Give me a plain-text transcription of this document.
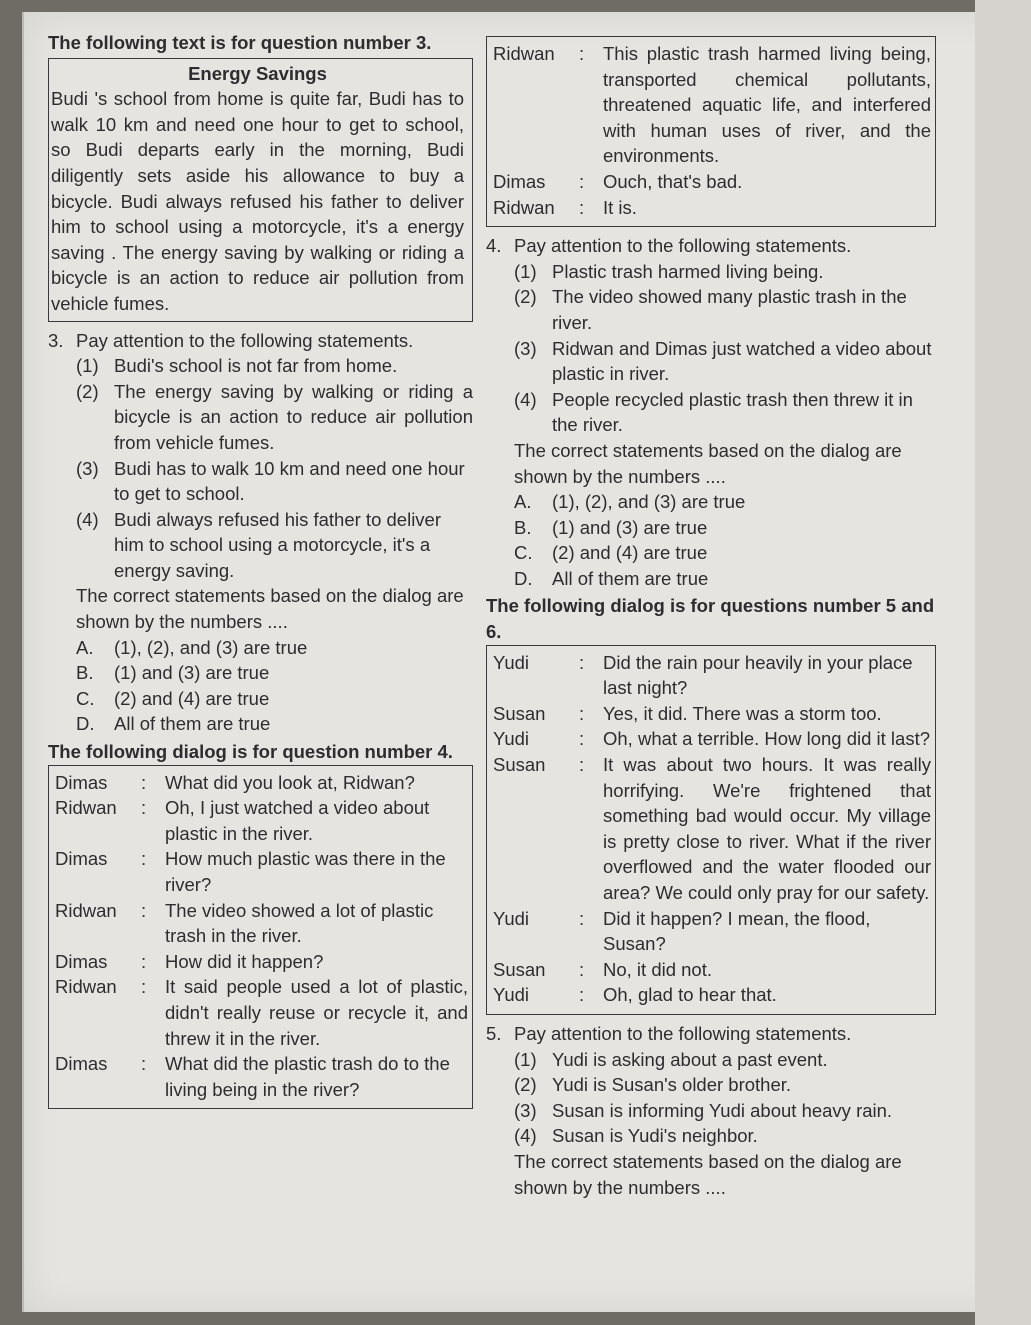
The following text is for question number 3.
Energy Savings
Budi 's school from home is quite far, Budi has to walk 10 km and need one hour to get to school, so Budi departs early in the morning, Budi diligently sets aside his allowance to buy a bicycle. Budi always refused his father to deliver him to school using a motorcycle, it's a energy saving . The energy saving by walking or riding a bicycle is an action to reduce air pollution from vehicle fumes.
3. Pay attention to the following statements.
(1) Budi's school is not far from home.
(2) The energy saving by walking or riding a bicycle is an action to reduce air pollution from vehicle fumes.
(3) Budi has to walk 10 km and need one hour to get to school.
(4) Budi always refused his father to deliver him to school using a motorcycle, it's a energy saving.
The correct statements based on the dialog are shown by the numbers ....
A.	(1), (2), and (3) are true
B.	(1) and (3) are true
C.	(2) and (4) are true
D.	All of them are true
The following dialog is for question number 4.
Dimas	:	What did you look at, Ridwan?
Ridwan	:	Oh, I just watched a video about plastic in the river.
Dimas	:	How much plastic was there in the river?
Ridwan	:	The video showed a lot of plastic trash in the river.
Dimas	:	How did it happen?
Ridwan	:	It said people used a lot of plastic, didn't really reuse or recycle it, and threw it in the river.
Dimas	:	What did the plastic trash do to the living being in the river?
Ridwan	:	This plastic trash harmed living being, transported chemical pollutants, threatened aquatic life, and interfered with human uses of river, and the environments.
Dimas	:	Ouch, that's bad.
Ridwan	:	It is.
4. Pay attention to the following statements.
(1) Plastic trash harmed living being.
(2) The video showed many plastic trash in the river.
(3) Ridwan and Dimas just watched a video about plastic in river.
(4) People recycled plastic trash then threw it in the river.
The correct statements based on the dialog are shown by the numbers ....
A.	(1), (2), and (3) are true
B.	(1) and (3) are true
C.	(2) and (4) are true
D.	All of them are true
The following dialog is for questions number 5 and 6.
Yudi	:	Did the rain pour heavily in your place last night?
Susan	:	Yes, it did. There was a storm too.
Yudi	:	Oh, what a terrible. How long did it last?
Susan	:	It was about two hours. It was really horrifying. We're frightened that something bad would occur. My village is pretty close to river. What if the river overflowed and the water flooded our area? We could only pray for our safety.
Yudi	:	Did it happen? I mean, the flood, Susan?
Susan	:	No, it did not.
Yudi	:	Oh, glad to hear that.
5. Pay attention to the following statements.
(1) Yudi is asking about a past event.
(2) Yudi is Susan's older brother.
(3) Susan is informing Yudi about heavy rain.
(4) Susan is Yudi's neighbor.
The correct statements based on the dialog are shown by the numbers ....
